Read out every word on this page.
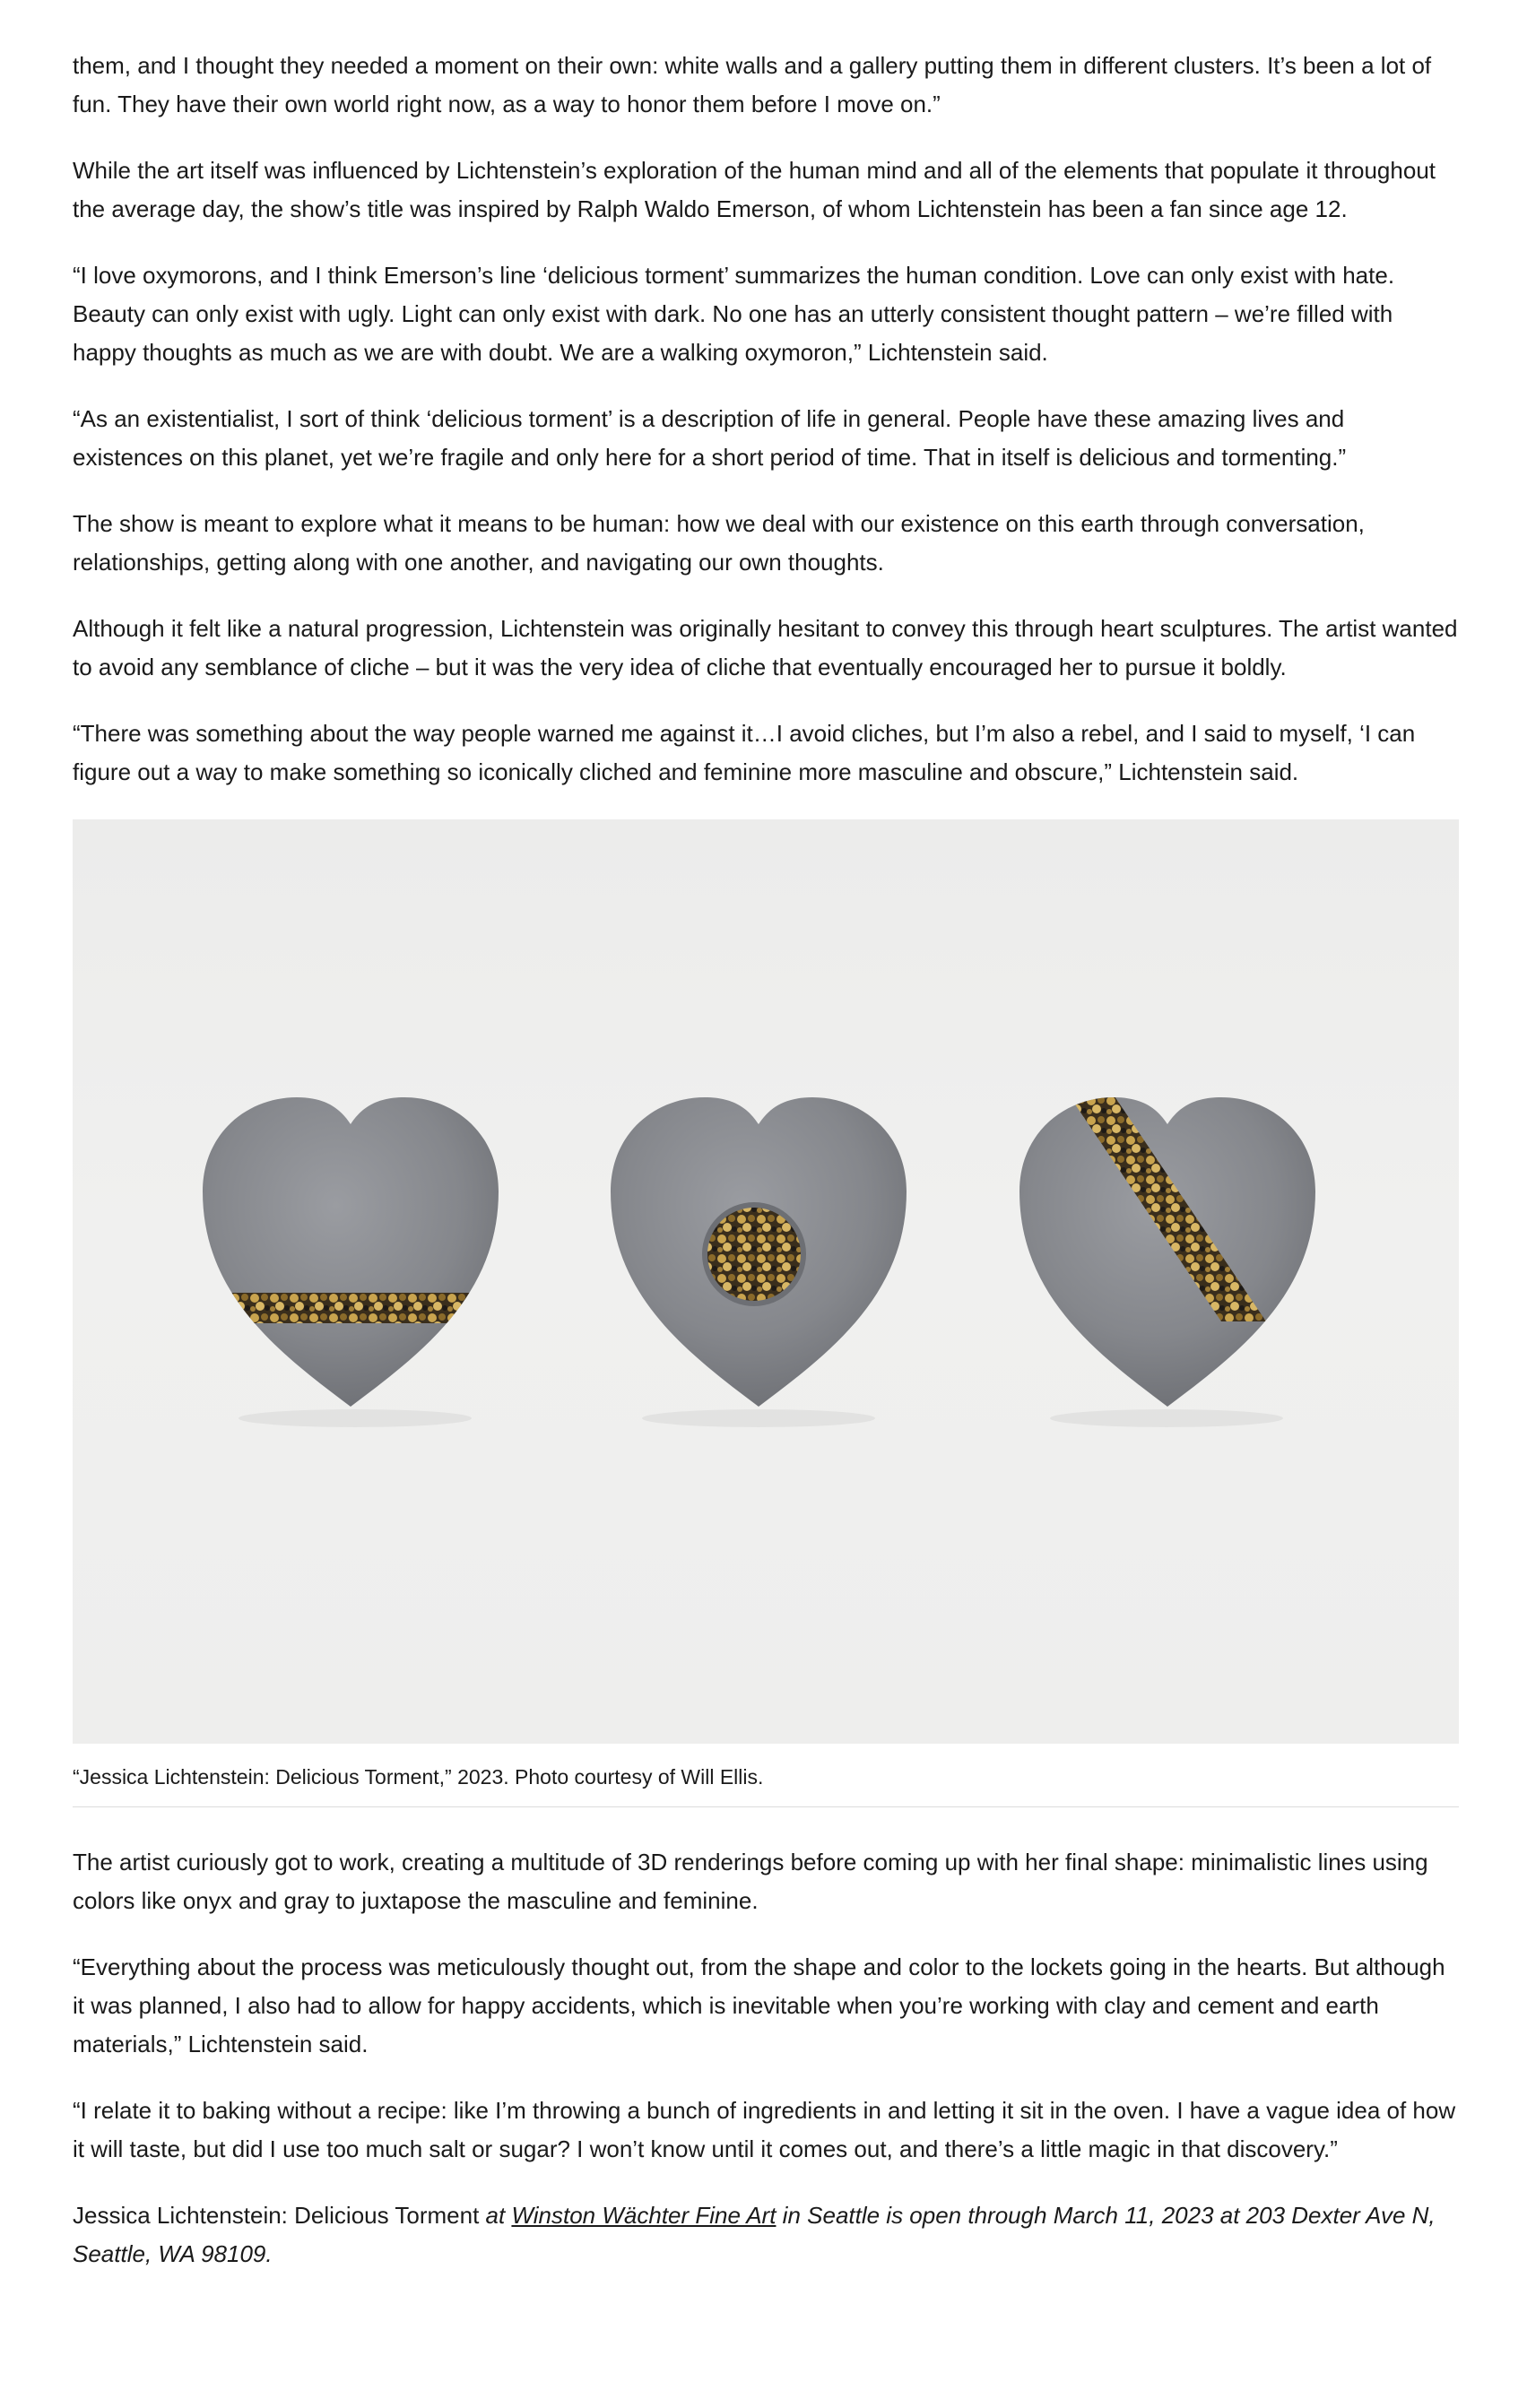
them, and I thought they needed a moment on their own: white walls and a gallery putting them in different clusters. It’s been a lot of fun. They have their own world right now, as a way to honor them before I move on.”

While the art itself was influenced by Lichtenstein’s exploration of the human mind and all of the elements that populate it throughout the average day, the show’s title was inspired by Ralph Waldo Emerson, of whom Lichtenstein has been a fan since age 12.

“I love oxymorons, and I think Emerson’s line ‘delicious torment’ summarizes the human condition. Love can only exist with hate. Beauty can only exist with ugly. Light can only exist with dark. No one has an utterly consistent thought pattern – we’re filled with happy thoughts as much as we are with doubt. We are a walking oxymoron,” Lichtenstein said.

“As an existentialist, I sort of think ‘delicious torment’ is a description of life in general. People have these amazing lives and existences on this planet, yet we’re fragile and only here for a short period of time. That in itself is delicious and tormenting.”

The show is meant to explore what it means to be human: how we deal with our existence on this earth through conversation, relationships, getting along with one another, and navigating our own thoughts.

Although it felt like a natural progression, Lichtenstein was originally hesitant to convey this through heart sculptures. The artist wanted to avoid any semblance of cliche – but it was the very idea of cliche that eventually encouraged her to pursue it boldly.

“There was something about the way people warned me against it…I avoid cliches, but I’m also a rebel, and I said to myself, ‘I can figure out a way to make something so iconically cliched and feminine more masculine and obscure,” Lichtenstein said.

“Jessica Lichtenstein: Delicious Torment,” 2023. Photo courtesy of Will Ellis.

The artist curiously got to work, creating a multitude of 3D renderings before coming up with her final shape: minimalistic lines using colors like onyx and gray to juxtapose the masculine and feminine.

“Everything about the process was meticulously thought out, from the shape and color to the lockets going in the hearts. But although it was planned, I also had to allow for happy accidents, which is inevitable when you’re working with clay and cement and earth materials,” Lichtenstein said.

“I relate it to baking without a recipe: like I’m throwing a bunch of ingredients in and letting it sit in the oven. I have a vague idea of how it will taste, but did I use too much salt or sugar? I won’t know until it comes out, and there’s a little magic in that discovery.”

Jessica Lichtenstein: Delicious Torment at Winston Wächter Fine Art in Seattle is open through March 11, 2023 at 203 Dexter Ave N, Seattle, WA 98109.
